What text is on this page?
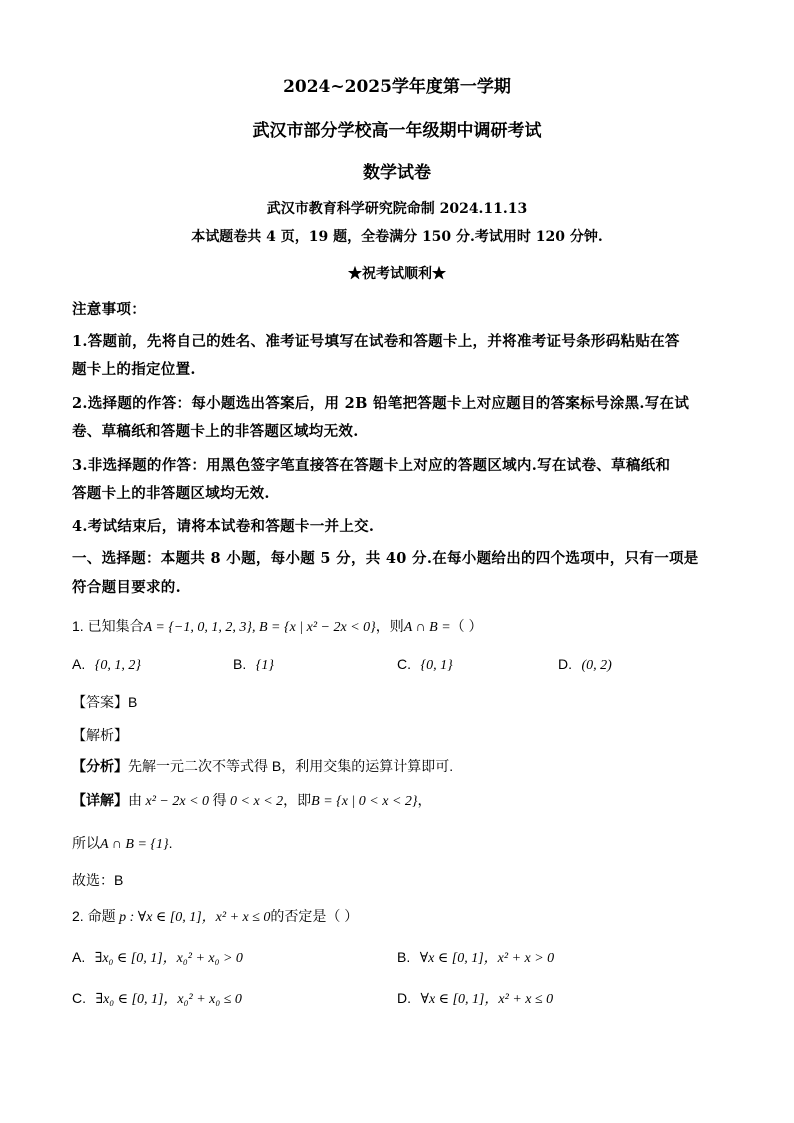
2024~2025学年度第一学期
武汉市部分学校高一年级期中调研考试
数学试卷
武汉市教育科学研究院命制 2024.11.13
本试题卷共 4 页，19 题，全卷满分 150 分.考试用时 120 分钟.
★祝考试顺利★
注意事项：
1.答题前，先将自己的姓名、准考证号填写在试卷和答题卡上，并将准考证号条形码粘贴在答
题卡上的指定位置.
2.选择题的作答：每小题选出答案后，用 2B 铅笔把答题卡上对应题目的答案标号涂黑.写在试
卷、草稿纸和答题卡上的非答题区域均无效.
3.非选择题的作答：用黑色签字笔直接答在答题卡上对应的答题区域内.写在试卷、草稿纸和
答题卡上的非答题区域均无效.
4.考试结束后，请将本试卷和答题卡一并上交.
一、选择题：本题共 8 小题，每小题 5 分，共 40 分.在每小题给出的四个选项中，只有一项是
符合题目要求的.
1. 已知集合A = {−1, 0, 1, 2, 3}, B = {x | x² − 2x < 0}，则A ∩ B =（ ）
A. {0, 1, 2}	B. {1}	C. {0, 1}	D. (0, 2)
【答案】B
【解析】
【分析】先解一元二次不等式得 B，利用交集的运算计算即可.
【详解】由 x² − 2x < 0 得 0 < x < 2，即B = {x | 0 < x < 2}，
所以A ∩ B = {1}.
故选：B
2. 命题 p : ∀x ∈ [0, 1]，x² + x ≤ 0的否定是（ ）
A. ∃x₀ ∈ [0, 1]，x₀² + x₀ > 0	B. ∀x ∈ [0, 1]，x² + x > 0
C. ∃x₀ ∈ [0, 1]，x₀² + x₀ ≤ 0	D. ∀x ∈ [0, 1]，x² + x ≤ 0
